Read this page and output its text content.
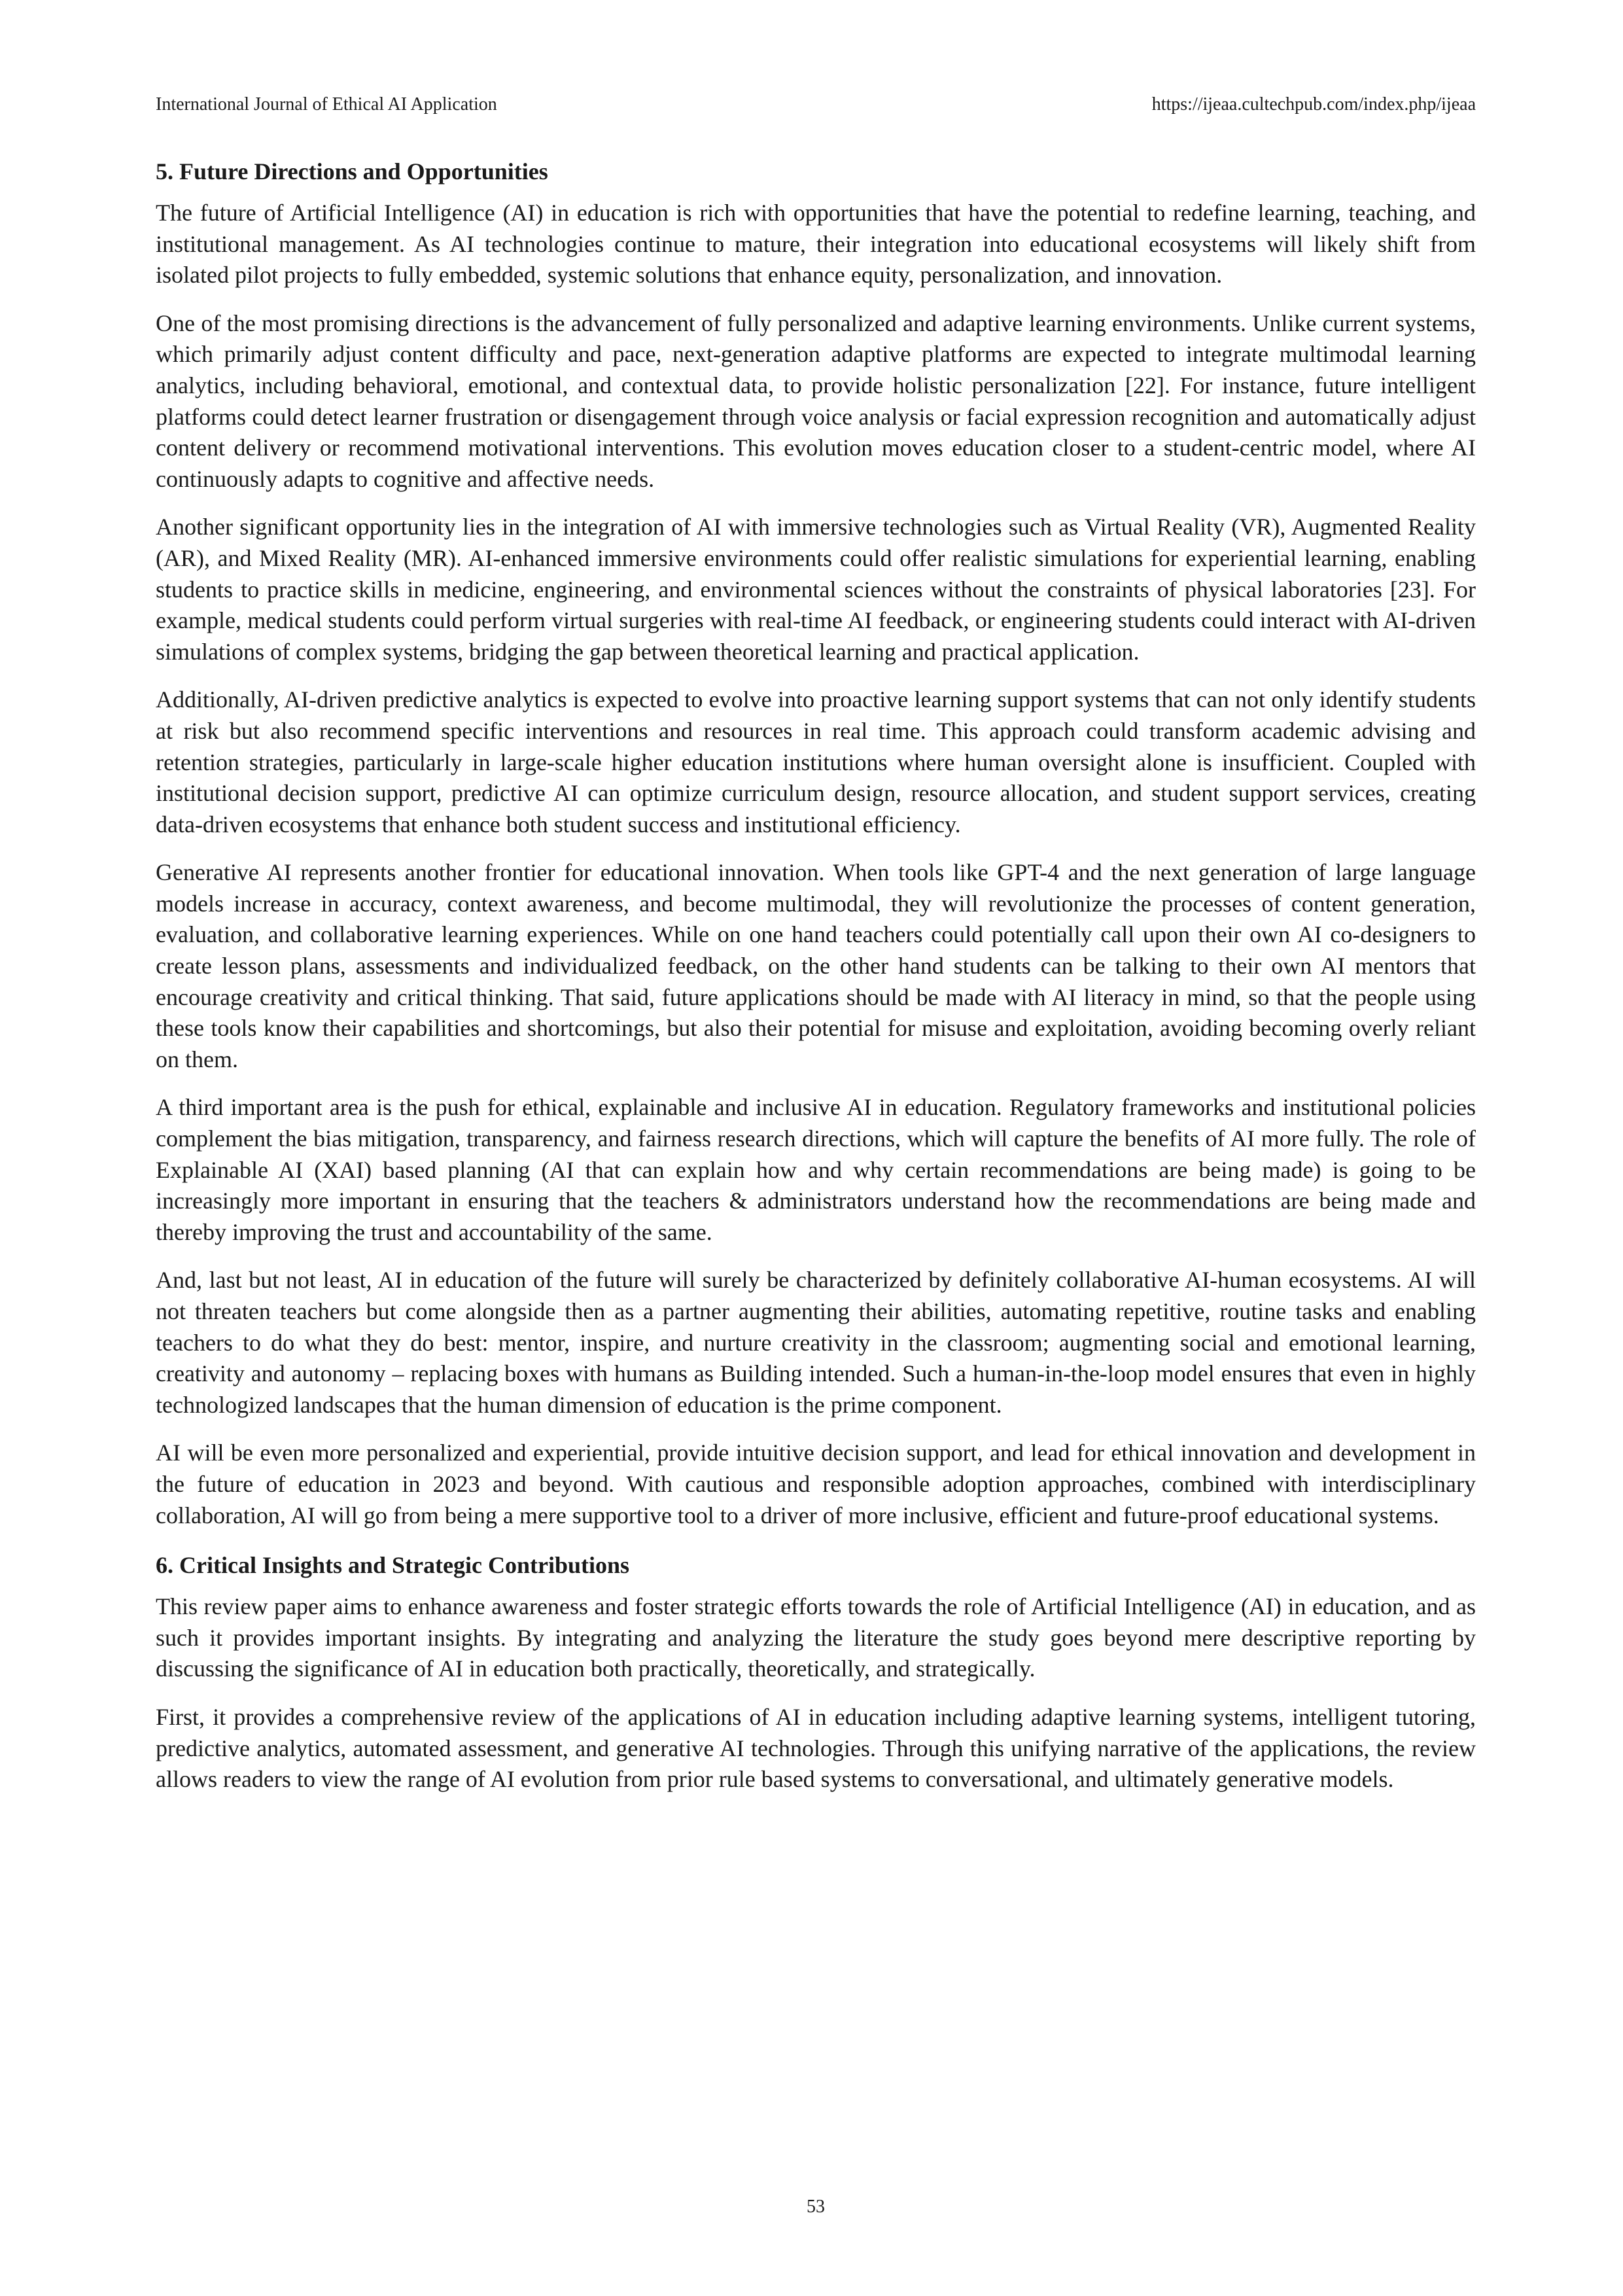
International Journal of Ethical AI Application	https://ijeaa.cultechpub.com/index.php/ijeaa
5. Future Directions and Opportunities

The future of Artificial Intelligence (AI) in education is rich with opportunities that have the potential to redefine learning, teaching, and institutional management. As AI technologies continue to mature, their integration into educational ecosystems will likely shift from isolated pilot projects to fully embedded, systemic solutions that enhance equity, personalization, and innovation.

One of the most promising directions is the advancement of fully personalized and adaptive learning environments. Unlike current systems, which primarily adjust content difficulty and pace, next-generation adaptive platforms are expected to integrate multimodal learning analytics, including behavioral, emotional, and contextual data, to provide holistic personalization [22]. For instance, future intelligent platforms could detect learner frustration or disengagement through voice analysis or facial expression recognition and automatically adjust content delivery or recommend motivational interventions. This evolution moves education closer to a student-centric model, where AI continuously adapts to cognitive and affective needs.

Another significant opportunity lies in the integration of AI with immersive technologies such as Virtual Reality (VR), Augmented Reality (AR), and Mixed Reality (MR). AI-enhanced immersive environments could offer realistic simulations for experiential learning, enabling students to practice skills in medicine, engineering, and environmental sciences without the constraints of physical laboratories [23]. For example, medical students could perform virtual surgeries with real-time AI feedback, or engineering students could interact with AI-driven simulations of complex systems, bridging the gap between theoretical learning and practical application.

Additionally, AI-driven predictive analytics is expected to evolve into proactive learning support systems that can not only identify students at risk but also recommend specific interventions and resources in real time. This approach could transform academic advising and retention strategies, particularly in large-scale higher education institutions where human oversight alone is insufficient. Coupled with institutional decision support, predictive AI can optimize curriculum design, resource allocation, and student support services, creating data-driven ecosystems that enhance both student success and institutional efficiency.

Generative AI represents another frontier for educational innovation. When tools like GPT-4 and the next generation of large language models increase in accuracy, context awareness, and become multimodal, they will revolutionize the processes of content generation, evaluation, and collaborative learning experiences. While on one hand teachers could potentially call upon their own AI co-designers to create lesson plans, assessments and individualized feedback, on the other hand students can be talking to their own AI mentors that encourage creativity and critical thinking. That said, future applications should be made with AI literacy in mind, so that the people using these tools know their capabilities and shortcomings, but also their potential for misuse and exploitation, avoiding becoming overly reliant on them.

A third important area is the push for ethical, explainable and inclusive AI in education. Regulatory frameworks and institutional policies complement the bias mitigation, transparency, and fairness research directions, which will capture the benefits of AI more fully. The role of Explainable AI (XAI) based planning (AI that can explain how and why certain recommendations are being made) is going to be increasingly more important in ensuring that the teachers & administrators understand how the recommendations are being made and thereby improving the trust and accountability of the same.

And, last but not least, AI in education of the future will surely be characterized by definitely collaborative AI-human ecosystems. AI will not threaten teachers but come alongside then as a partner augmenting their abilities, automating repetitive, routine tasks and enabling teachers to do what they do best: mentor, inspire, and nurture creativity in the classroom; augmenting social and emotional learning, creativity and autonomy – replacing boxes with humans as Building intended. Such a human-in-the-loop model ensures that even in highly technologized landscapes that the human dimension of education is the prime component.

AI will be even more personalized and experiential, provide intuitive decision support, and lead for ethical innovation and development in the future of education in 2023 and beyond. With cautious and responsible adoption approaches, combined with interdisciplinary collaboration, AI will go from being a mere supportive tool to a driver of more inclusive, efficient and future-proof educational systems.

6. Critical Insights and Strategic Contributions

This review paper aims to enhance awareness and foster strategic efforts towards the role of Artificial Intelligence (AI) in education, and as such it provides important insights. By integrating and analyzing the literature the study goes beyond mere descriptive reporting by discussing the significance of AI in education both practically, theoretically, and strategically.

First, it provides a comprehensive review of the applications of AI in education including adaptive learning systems, intelligent tutoring, predictive analytics, automated assessment, and generative AI technologies. Through this unifying narrative of the applications, the review allows readers to view the range of AI evolution from prior rule based systems to conversational, and ultimately generative models.

53
